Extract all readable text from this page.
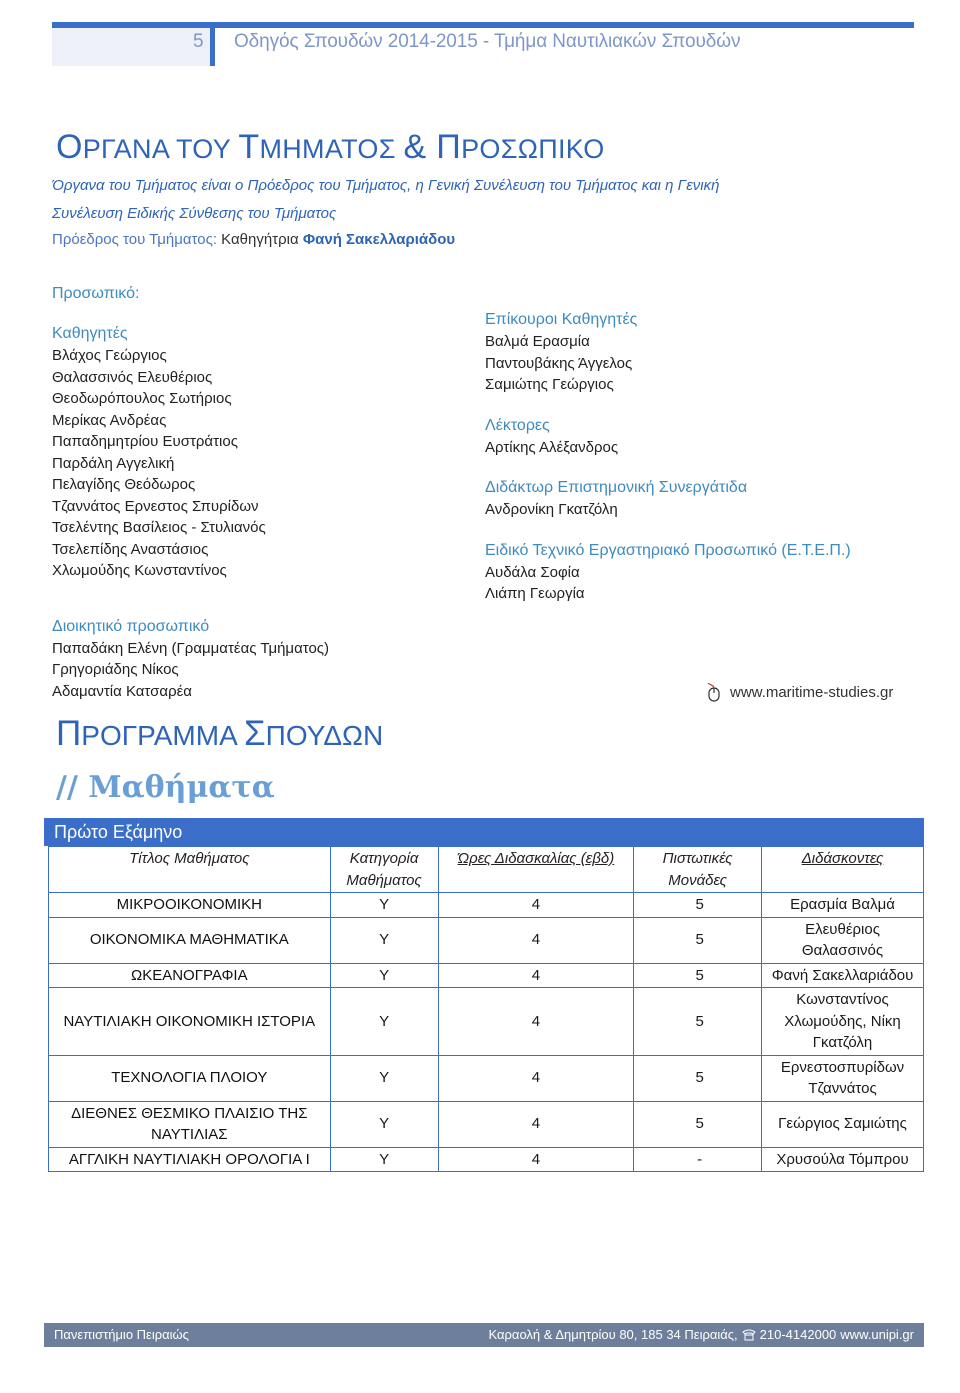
5 Οδηγός Σπουδών 2014-2015 - Τμήμα Ναυτιλιακών Σπουδών
ΟΡΓΑΝΑ ΤΟΥ ΤΜΗΜΑΤΟΣ & ΠΡΟΣΩΠΙΚΟ
Όργανα του Τμήματος είναι ο Πρόεδρος του Τμήματος, η Γενική Συνέλευση του Τμήματος και η Γενική
Συνέλευση Ειδικής Σύνθεσης του Τμήματος
Πρόεδρος του Τμήματος: Καθηγήτρια Φανή Σακελλαριάδου
Προσωπικό:
Καθηγητές
Βλάχος Γεώργιος
Θαλασσινός Ελευθέριος
Θεοδωρόπουλος Σωτήριος
Μερίκας Ανδρέας
Παπαδημητρίου Ευστράτιος
Παρδάλη Αγγελική
Πελαγίδης Θεόδωρος
Τζαννάτος Ερνεστος Σπυρίδων
Τσελέντης Βασίλειος - Στυλιανός
Τσελεπίδης Αναστάσιος
Χλωμούδης Κωνσταντίνος
Διοικητικό προσωπικό
Παπαδάκη Ελένη (Γραμματέας Τμήματος)
Γρηγοριάδης Νίκος
Αδαμαντία Κατσαρέα
Επίκουροι Καθηγητές
Βαλμά Ερασμία
Παντουβάκης Άγγελος
Σαμιώτης Γεώργιος
Λέκτορες
Αρτίκης Αλέξανδρος
Διδάκτωρ Επιστημονική Συνεργάτιδα
Ανδρονίκη Γκατζόλη
Ειδικό Τεχνικό Εργαστηριακό Προσωπικό (Ε.Τ.Ε.Π.)
Αυδάλα Σοφία
Λιάπη Γεωργία
www.maritime-studies.gr
ΠΡΟΓΡΑΜΜΑ ΣΠΟΥΔΩΝ
// Μαθήματα
Πρώτο Εξάμηνο
Τίτλος Μαθήματος	Κατηγορία Μαθήματος	Ώρες Διδασκαλίας (εβδ)	Πιστωτικές Μονάδες	Διδάσκοντες
ΜΙΚΡΟΟΙΚΟΝΟΜΙΚΗ	Υ	4	5	Ερασμία Βαλμά
ΟΙΚΟΝΟΜΙΚΑ ΜΑΘΗΜΑΤΙΚΑ	Υ	4	5	Ελευθέριος Θαλασσινός
ΩΚΕΑΝΟΓΡΑΦΙΑ	Υ	4	5	Φανή Σακελλαριάδου
ΝΑΥΤΙΛΙΑΚΗ ΟΙΚΟΝΟΜΙΚΗ ΙΣΤΟΡΙΑ	Υ	4	5	Κωνσταντίνος Χλωμούδης, Νίκη Γκατζόλη
ΤΕΧΝΟΛΟΓΙΑ ΠΛΟΙΟΥ	Υ	4	5	Ερνεστοσπυρίδων Τζαννάτος
ΔΙΕΘΝΕΣ ΘΕΣΜΙΚΟ ΠΛΑΙΣΙΟ ΤΗΣ ΝΑΥΤΙΛΙΑΣ	Υ	4	5	Γεώργιος Σαμιώτης
ΑΓΓΛΙΚΗ ΝΑΥΤΙΛΙΑΚΗ ΟΡΟΛΟΓΙΑ Ι	Υ	4	-	Χρυσούλα Τόμπρου
Πανεπιστήμιο Πειραιώς	Καραολή & Δημητρίου 80, 185 34 Πειραιάς, 210-4142000 www.unipi.gr
